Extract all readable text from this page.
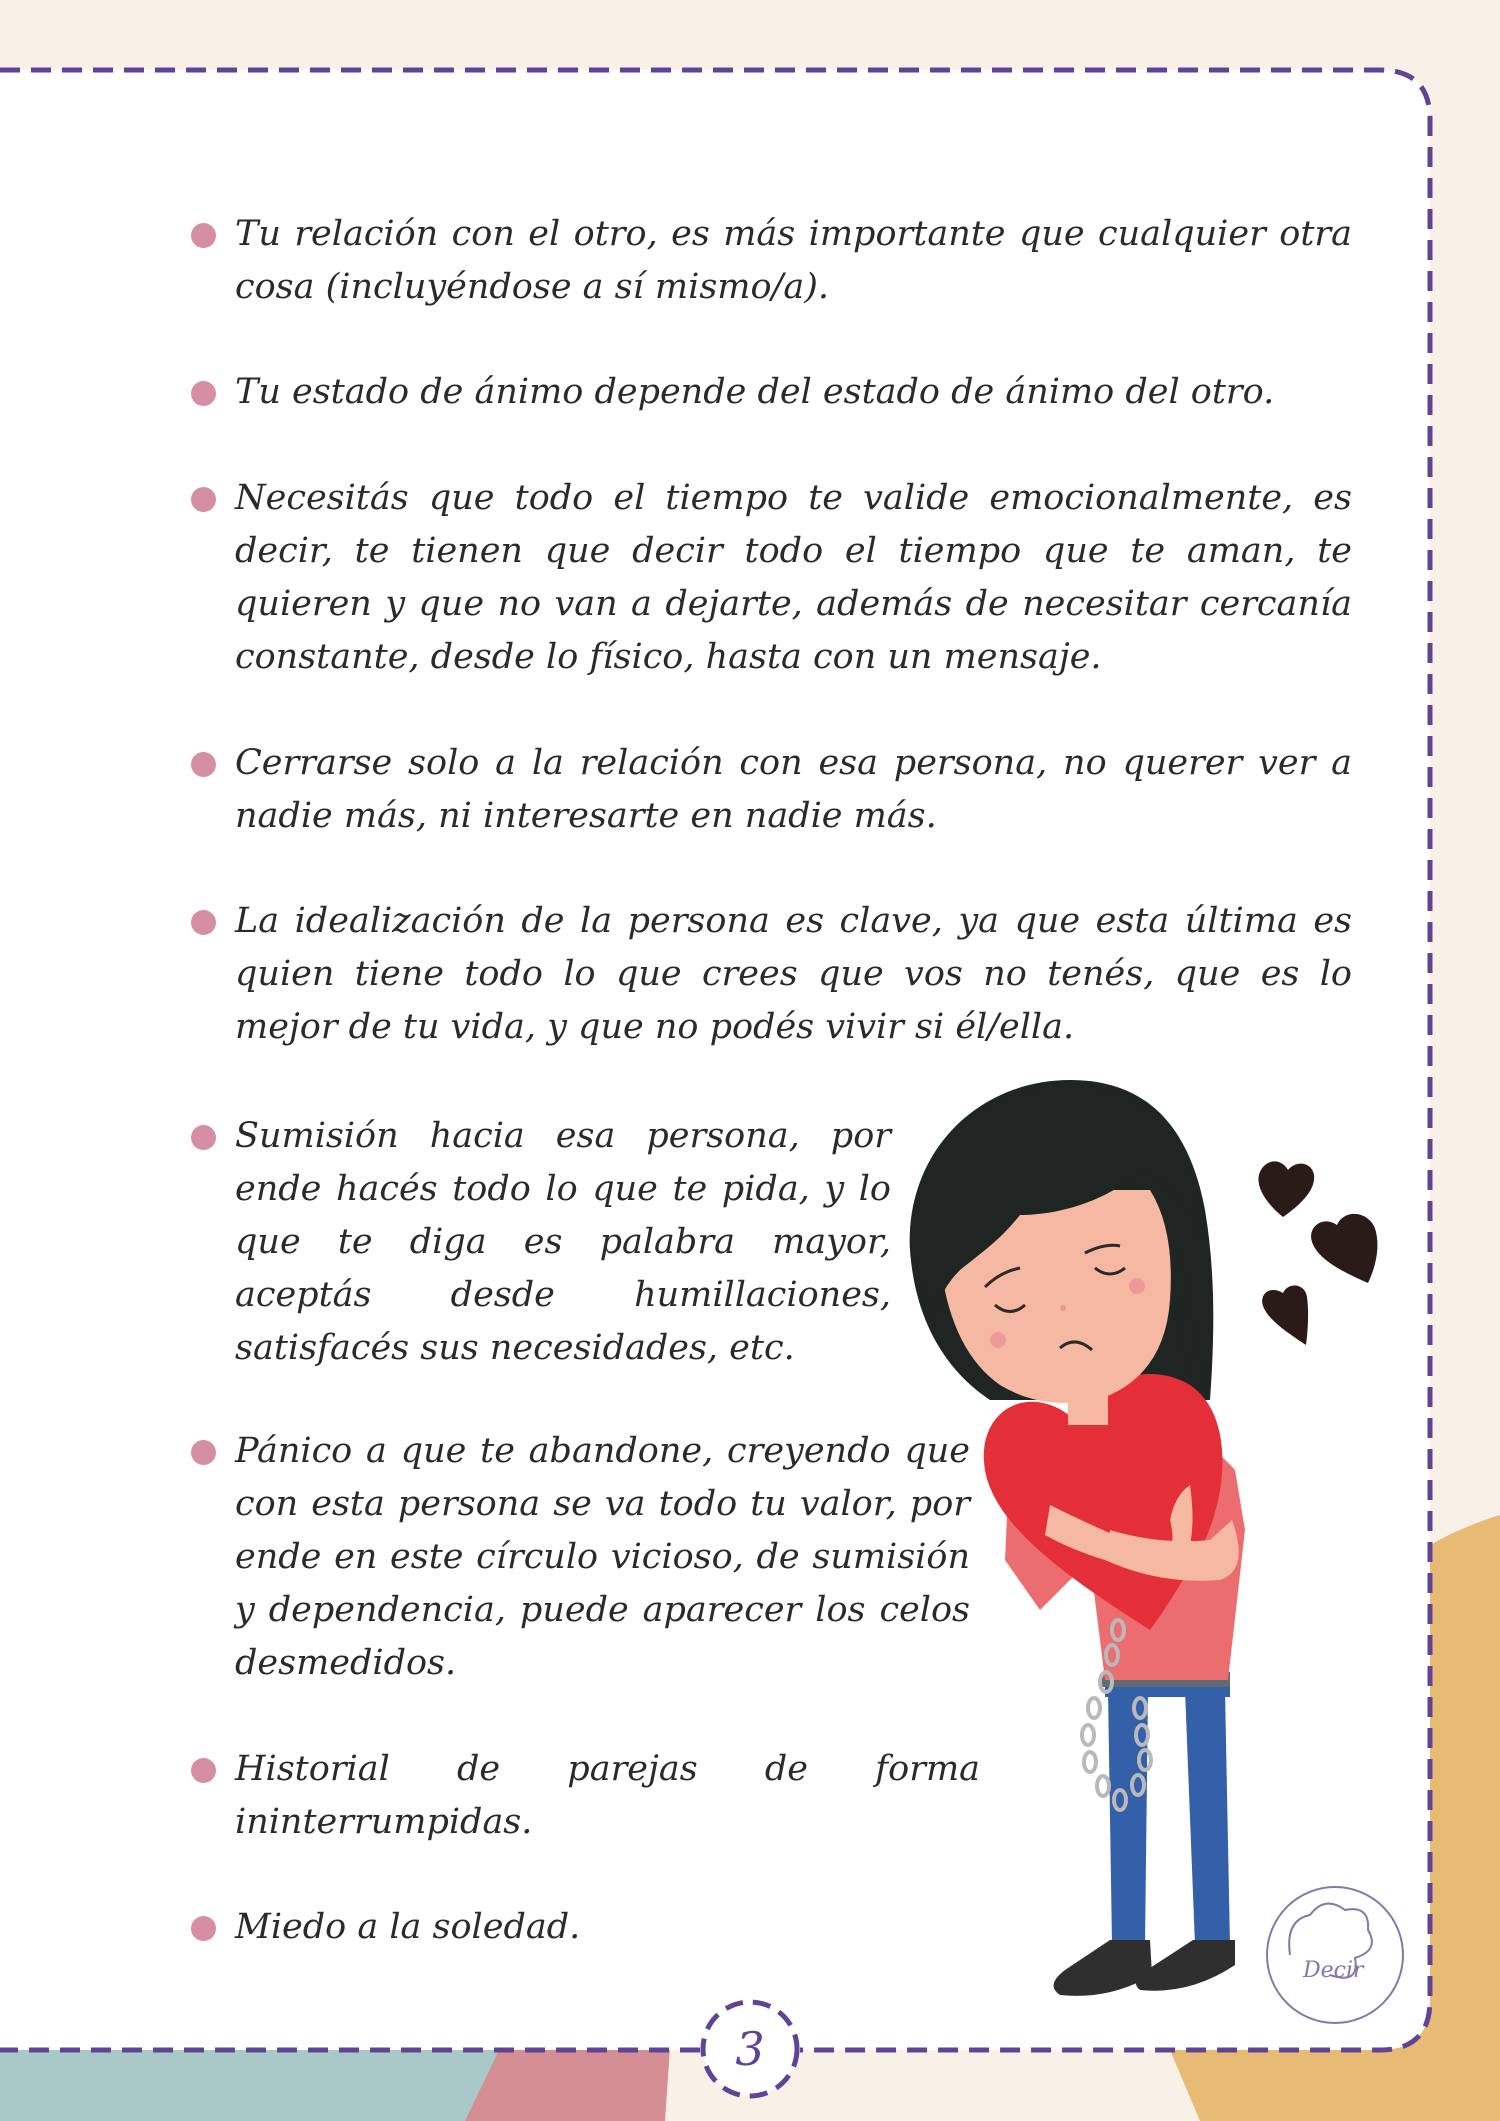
Tu relación con el otro, es más importante que cualquier otra cosa (incluyéndose a sí mismo/a).
Tu estado de ánimo depende del estado de ánimo del otro.
Necesitás que todo el tiempo te valide emocionalmente, es decir, te tienen que decir todo el tiempo que te aman, te quieren y que no van a dejarte, además de necesitar cercanía constante, desde lo físico, hasta con un mensaje.
Cerrarse solo a la relación con esa persona, no querer ver a nadie más, ni interesarte en nadie más.
La idealización de la persona es clave, ya que esta última es quien tiene todo lo que crees que vos no tenés, que es lo mejor de tu vida, y que no podés vivir si él/ella.
Sumisión hacia esa persona, por ende hacés todo lo que te pida, y lo que te diga es palabra mayor, aceptás desde humillaciones, satisfacés sus necesidades, etc.
Pánico a que te abandone, creyendo que con esta persona se va todo tu valor, por ende en este círculo vicioso, de sumisión y dependencia, puede aparecer los celos desmedidos.
Historial de parejas de forma ininterrumpidas.
Miedo a la soledad.
3
Decir
